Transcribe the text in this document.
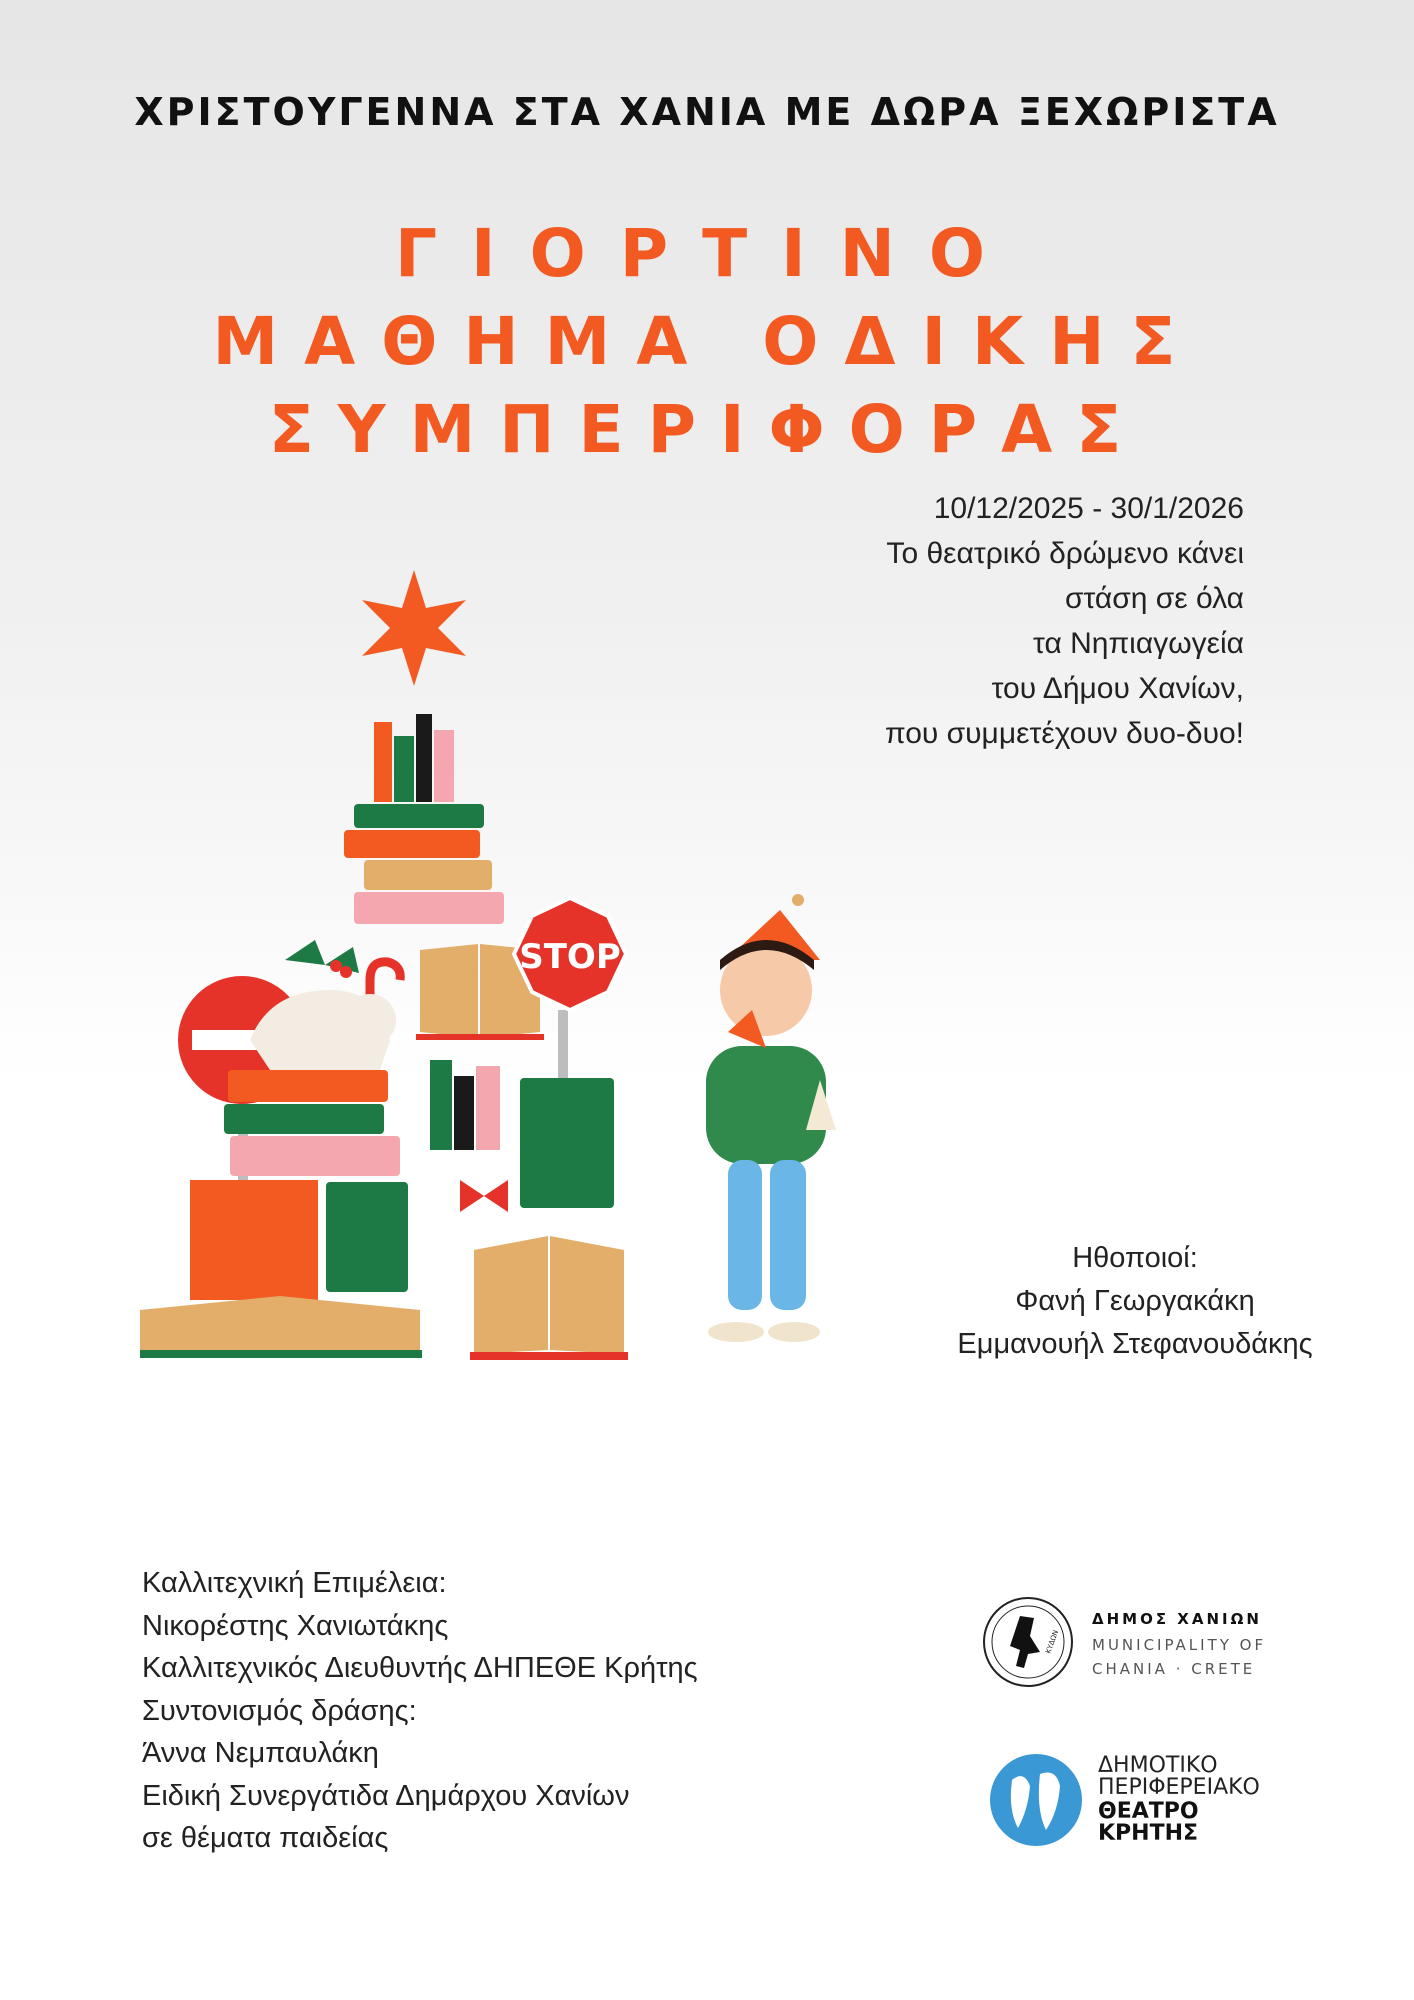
ΧΡΙΣΤΟΥΓΕΝΝΑ ΣΤΑ ΧΑΝΙΑ ΜΕ ΔΩΡΑ ΞΕΧΩΡΙΣΤΑ
ΓΙΟΡΤΙΝΟ
ΜΑΘΗΜΑ ΟΔΙΚΗΣ
ΣΥΜΠΕΡΙΦΟΡΑΣ
10/12/2025 - 30/1/2026
Το θεατρικό δρώμενο κάνει
στάση σε όλα
τα Νηπιαγωγεία
του Δήμου Χανίων,
που συμμετέχουν δυο-δυο!
STOP
Ηθοποιοί:
Φανή Γεωργακάκη
Εμμανουήλ Στεφανουδάκης
Καλλιτεχνική Επιμέλεια:
Νικορέστης Χανιωτάκης
Καλλιτεχνικός Διευθυντής ΔΗΠΕΘΕ Κρήτης
Συντονισμός δράσης:
Άννα Νεμπαυλάκη
Ειδική Συνεργάτιδα Δημάρχου Χανίων
σε θέματα παιδείας
ΚΥΔΩΝ
ΔΗΜΟΣ ΧΑΝΙΩΝ
MUNICIPALITY OF
CHANIA · CRETE
ΔΗΜΟΤΙΚΟ
ΠΕΡΙΦΕΡΕΙΑΚΟ
ΘΕΑΤΡΟ
ΚΡΗΤΗΣ
